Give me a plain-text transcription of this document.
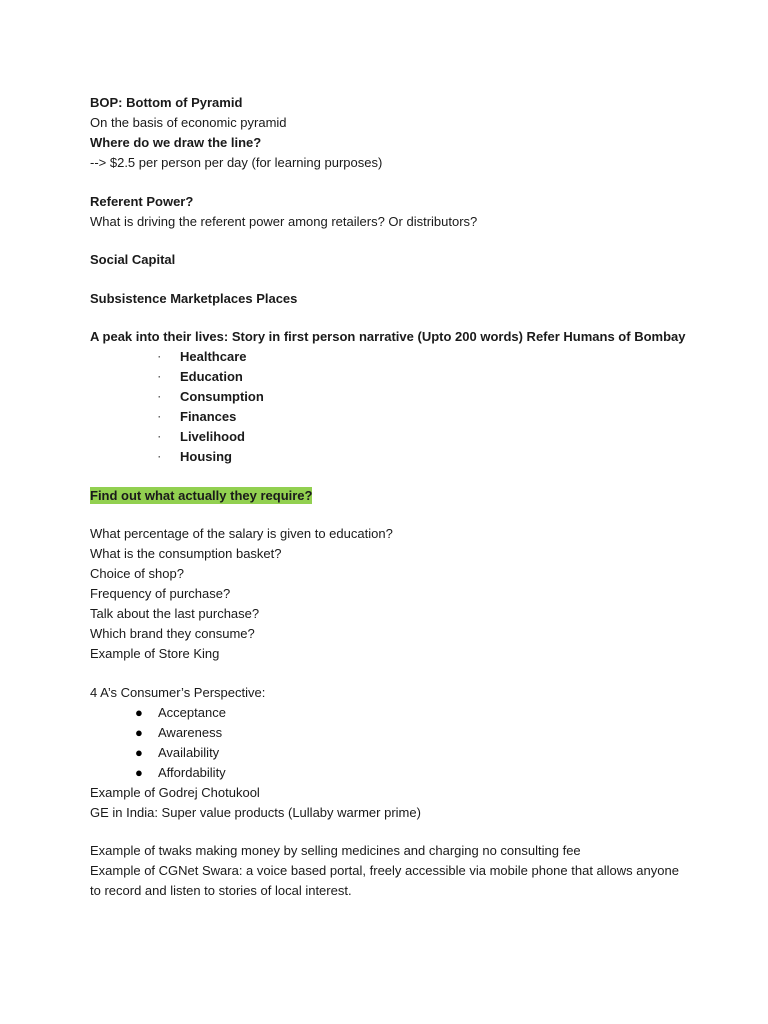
BOP: Bottom of Pyramid
On the basis of economic pyramid
Where do we draw the line?
--> $2.5 per person per day (for learning purposes)
Referent Power?
What is driving the referent power among retailers? Or distributors?
Social Capital
Subsistence Marketplaces Places
A peak into their lives: Story in first person narrative (Upto 200 words) Refer Humans of Bombay
· Healthcare
· Education
· Consumption
· Finances
· Livelihood
· Housing
Find out what actually they require?
What percentage of the salary is given to education?
What is the consumption basket?
Choice of shop?
Frequency of purchase?
Talk about the last purchase?
Which brand they consume?
Example of Store King
4 A’s Consumer’s Perspective:
● Acceptance
● Awareness
● Availability
● Affordability
Example of Godrej Chotukool
GE in India: Super value products (Lullaby warmer prime)
Example of twaks making money by selling medicines and charging no consulting fee
Example of CGNet Swara: a voice based portal, freely accessible via mobile phone that allows anyone to record and listen to stories of local interest.
